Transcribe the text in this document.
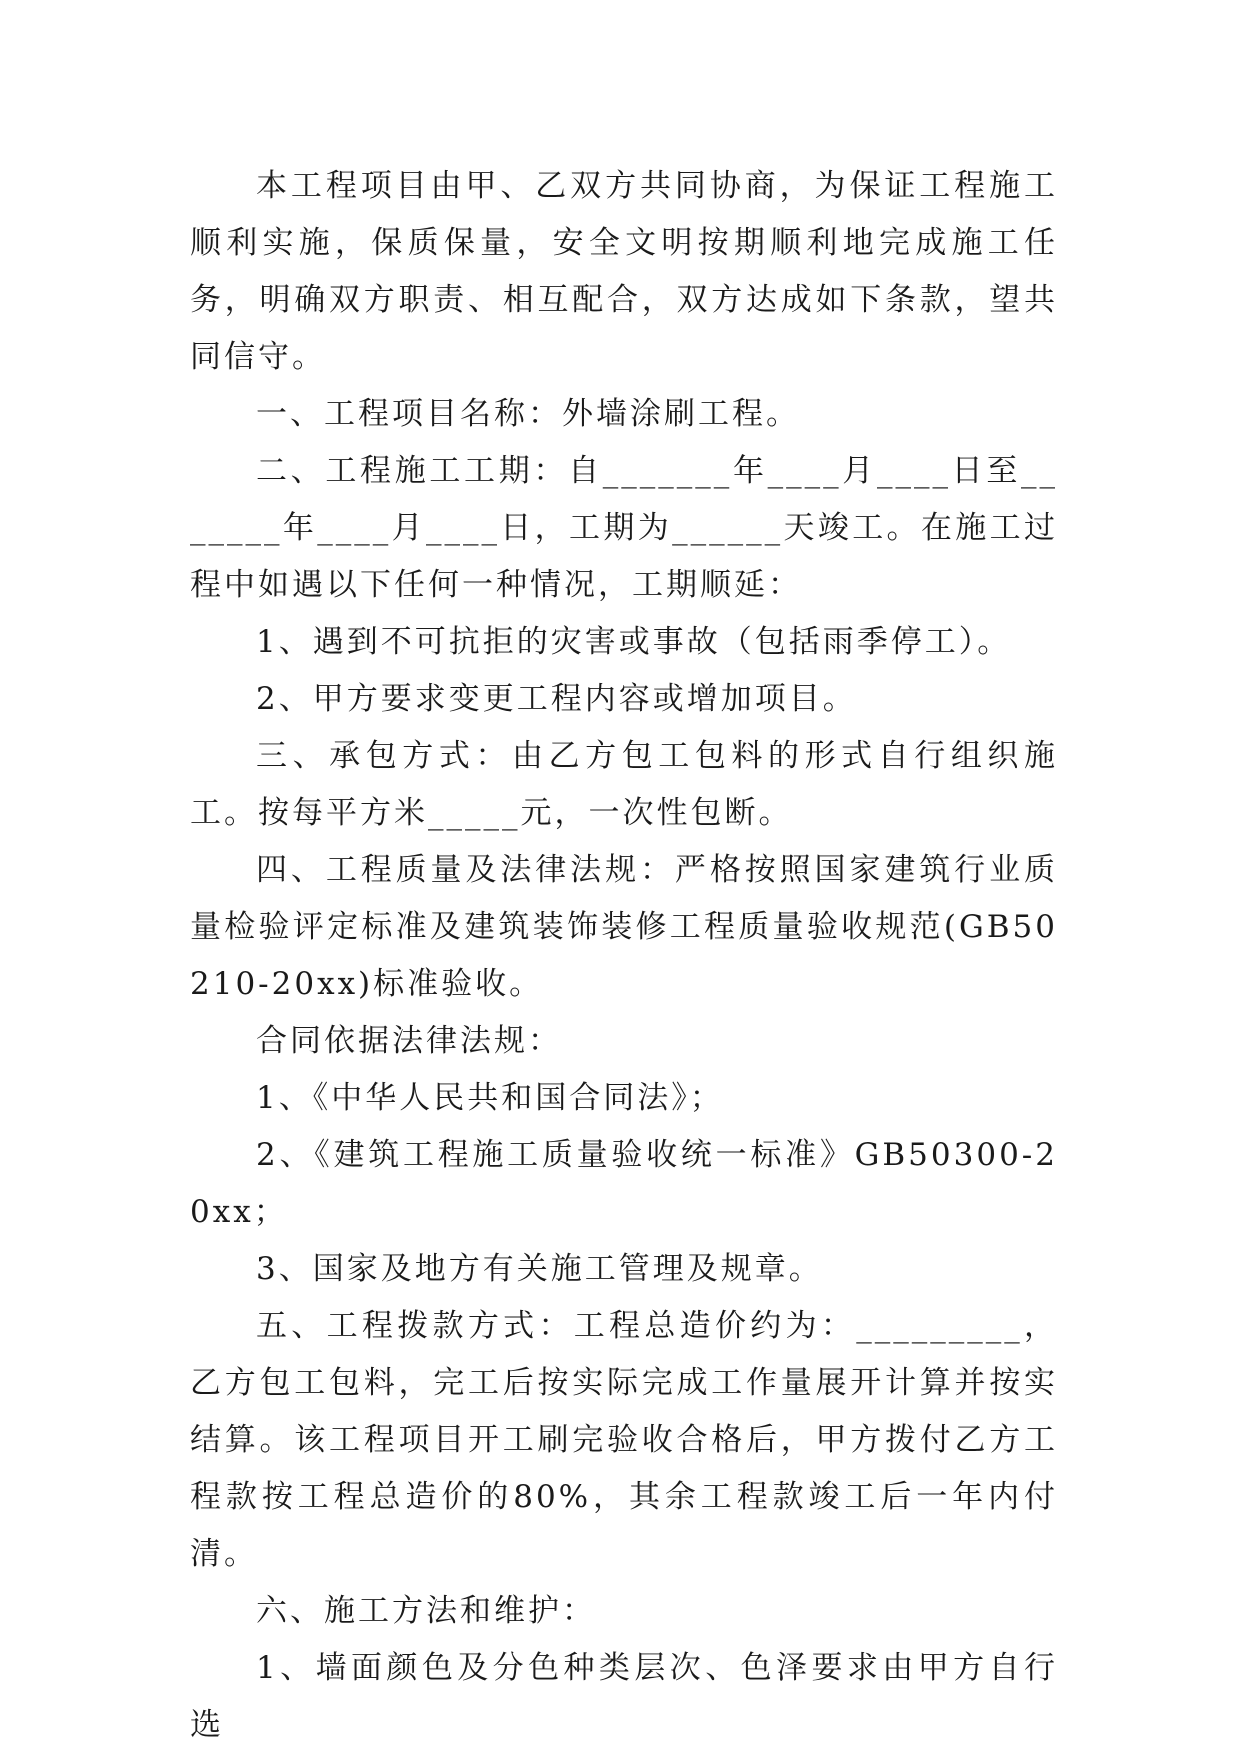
本工程项目由甲、乙双方共同协商，为保证工程施工顺利实施，保质保量，安全文明按期顺利地完成施工任务，明确双方职责、相互配合，双方达成如下条款，望共同信守。

一、工程项目名称：外墙涂刷工程。

二、工程施工工期：自_______年____月____日至_______年____月____日，工期为______天竣工。在施工过程中如遇以下任何一种情况，工期顺延：

1、遇到不可抗拒的灾害或事故（包括雨季停工）。

2、甲方要求变更工程内容或增加项目。

三、承包方式：由乙方包工包料的形式自行组织施工。按每平方米_____元，一次性包断。

四、工程质量及法律法规：严格按照国家建筑行业质量检验评定标准及建筑装饰装修工程质量验收规范(GB50210-20xx)标准验收。

合同依据法律法规：

1、《中华人民共和国合同法》；

2、《建筑工程施工质量验收统一标准》GB50300-20xx；

3、国家及地方有关施工管理及规章。

五、工程拨款方式：工程总造价约为：_________，乙方包工包料，完工后按实际完成工作量展开计算并按实结算。该工程项目开工刷完验收合格后，甲方拨付乙方工程款按工程总造价的80%，其余工程款竣工后一年内付清。

六、施工方法和维护：

1、墙面颜色及分色种类层次、色泽要求由甲方自行选
